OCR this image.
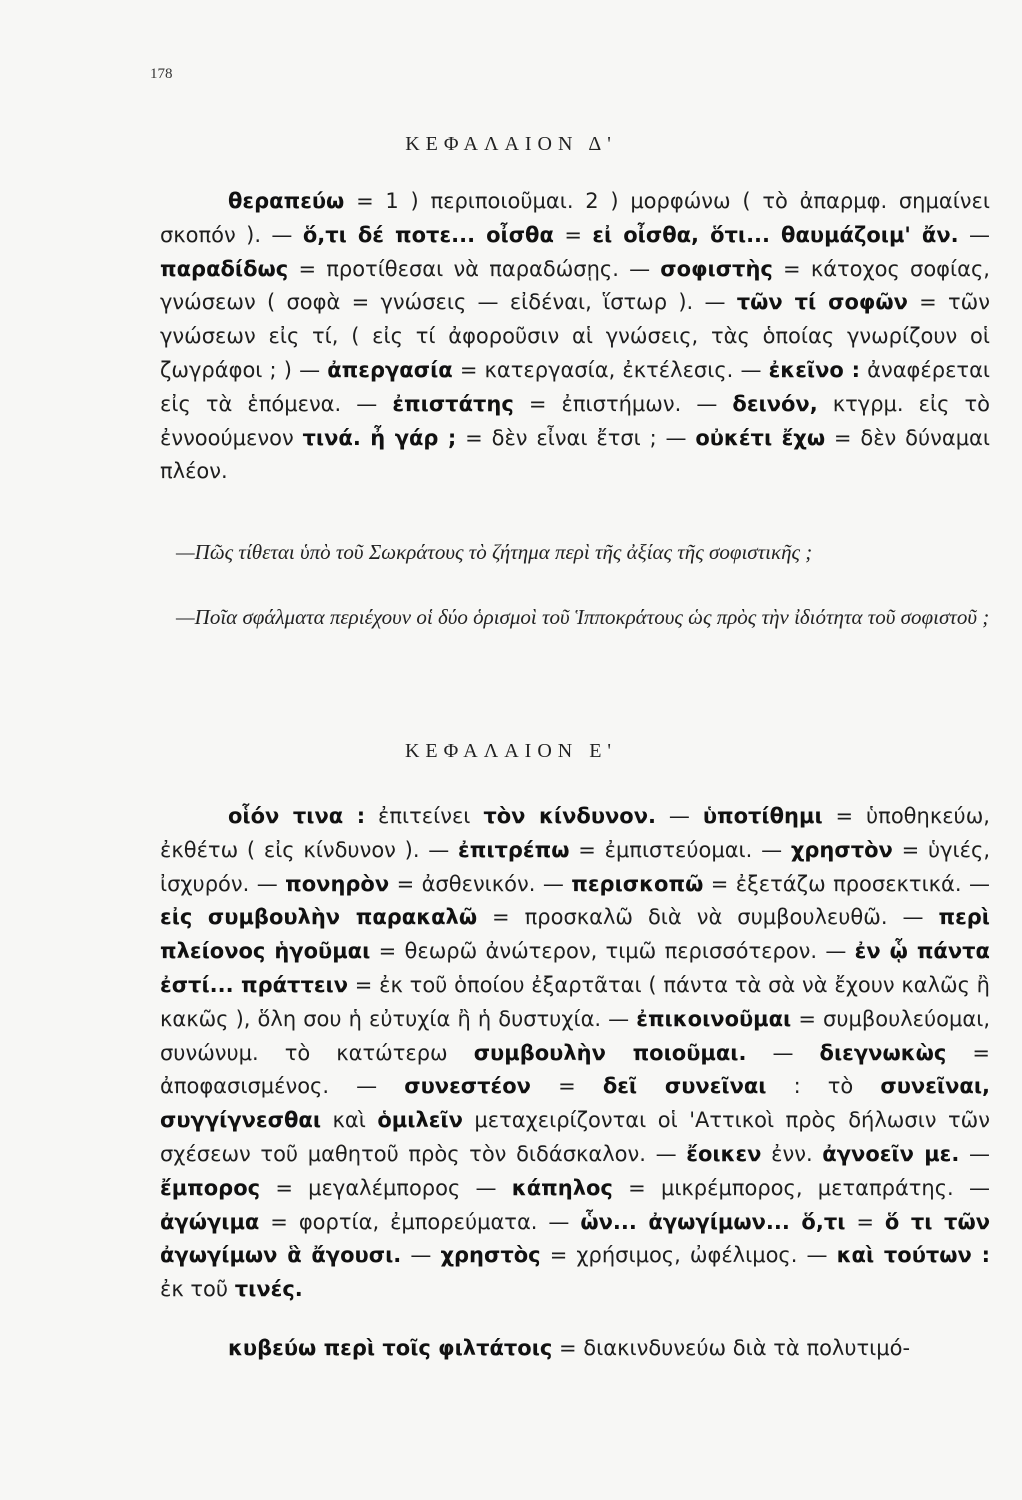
178
ΚΕΦΑΛΑΙΟΝ Δ'
θεραπεύω = 1 ) περιποιοῦμαι. 2 ) μορφώνω ( τὸ ἀπαρμφ. σημαίνει σκοπόν ). — ὅ,τι δέ ποτε... οἶσθα = εἰ οἶσθα, ὅτι... θαυμάζοιμ' ἄν. — παραδίδως = προτίθεσαι νὰ παραδώσῃς. — σοφιστὴς = κάτοχος σοφίας, γνώσεων ( σοφὰ = γνώσεις — εἰδέναι, ἵστωρ ). — τῶν τί σοφῶν = τῶν γνώσεων εἰς τί, ( εἰς τί ἀφοροῦσιν αἱ γνώσεις, τὰς ὁποίας γνωρίζουν οἱ ζωγράφοι ; ) — ἀπεργασία = κατεργασία, ἐκτέλεσις. — ἐκεῖνο : ἀναφέρεται εἰς τὰ ἑπόμενα. — ἐπιστάτης = ἐπιστήμων. — δεινόν, κτγρμ. εἰς τὸ ἐννοούμενον τινά. ἦ γάρ ; = δὲν εἶναι ἔτσι ; — οὐκέτι ἔχω = δὲν δύναμαι πλέον.
—Πῶς τίθεται ὑπὸ τοῦ Σωκράτους τὸ ζήτημα περὶ τῆς ἀξίας τῆς σοφιστικῆς ;
—Ποῖα σφάλματα περιέχουν οἱ δύο ὁρισμοὶ τοῦ Ἱπποκράτους ὡς πρὸς τὴν ἰδιότητα τοῦ σοφιστοῦ ;
ΚΕΦΑΛΑΙΟΝ Ε'
οἷόν τινα : ἐπιτείνει τὸν κίνδυνον. — ὑποτίθημι = ὑποθηκεύω, ἐκθέτω ( εἰς κίνδυνον ). — ἐπιτρέπω = ἐμπιστεύομαι. — χρηστὸν = ὑγιές, ἰσχυρόν. — πονηρὸν = ἀσθενικόν. — περισκοπῶ = ἐξετάζω προσεκτικά. — εἰς συμβουλὴν παρακαλῶ = προσκαλῶ διὰ νὰ συμβουλευθῶ. — περὶ πλείονος ἡγοῦμαι = θεωρῶ ἀνώτερον, τιμῶ περισσότερον. — ἐν ᾧ πάντα ἐστί... πράττειν = ἐκ τοῦ ὁποίου ἐξαρτᾶται ( πάντα τὰ σὰ νὰ ἔχουν καλῶς ἢ κακῶς ), ὅλη σου ἡ εὐτυχία ἢ ἡ δυστυχία. — ἐπικοινοῦμαι = συμβουλεύομαι, συνώνυμ. τὸ κατώτερω συμβουλὴν ποιοῦμαι. — διεγνωκὼς = ἀποφασισμένος. — συνεστέον = δεῖ συνεῖναι : τὸ συνεῖναι, συγγίγνεσθαι καὶ ὁμιλεῖν μεταχειρίζονται οἱ 'Αττικοὶ πρὸς δήλωσιν τῶν σχέσεων τοῦ μαθητοῦ πρὸς τὸν διδάσκαλον. — ἔοικεν ἐνν. ἀγνοεῖν με. — ἔμπορος = μεγαλέμπορος — κάπηλος = μικρέμπορος, μεταπράτης. — ἀγώγιμα = φορτία, ἐμπορεύματα. — ὧν... ἀγωγίμων... ὅ,τι = ὅ τι τῶν ἀγωγίμων ἃ ἄγουσι. — χρηστὸς = χρήσιμος, ὠφέλιμος. — καὶ τούτων : ἐκ τοῦ τινές.
κυβεύω περὶ τοῖς φιλτάτοις = διακινδυνεύω διὰ τὰ πολυτιμό-
